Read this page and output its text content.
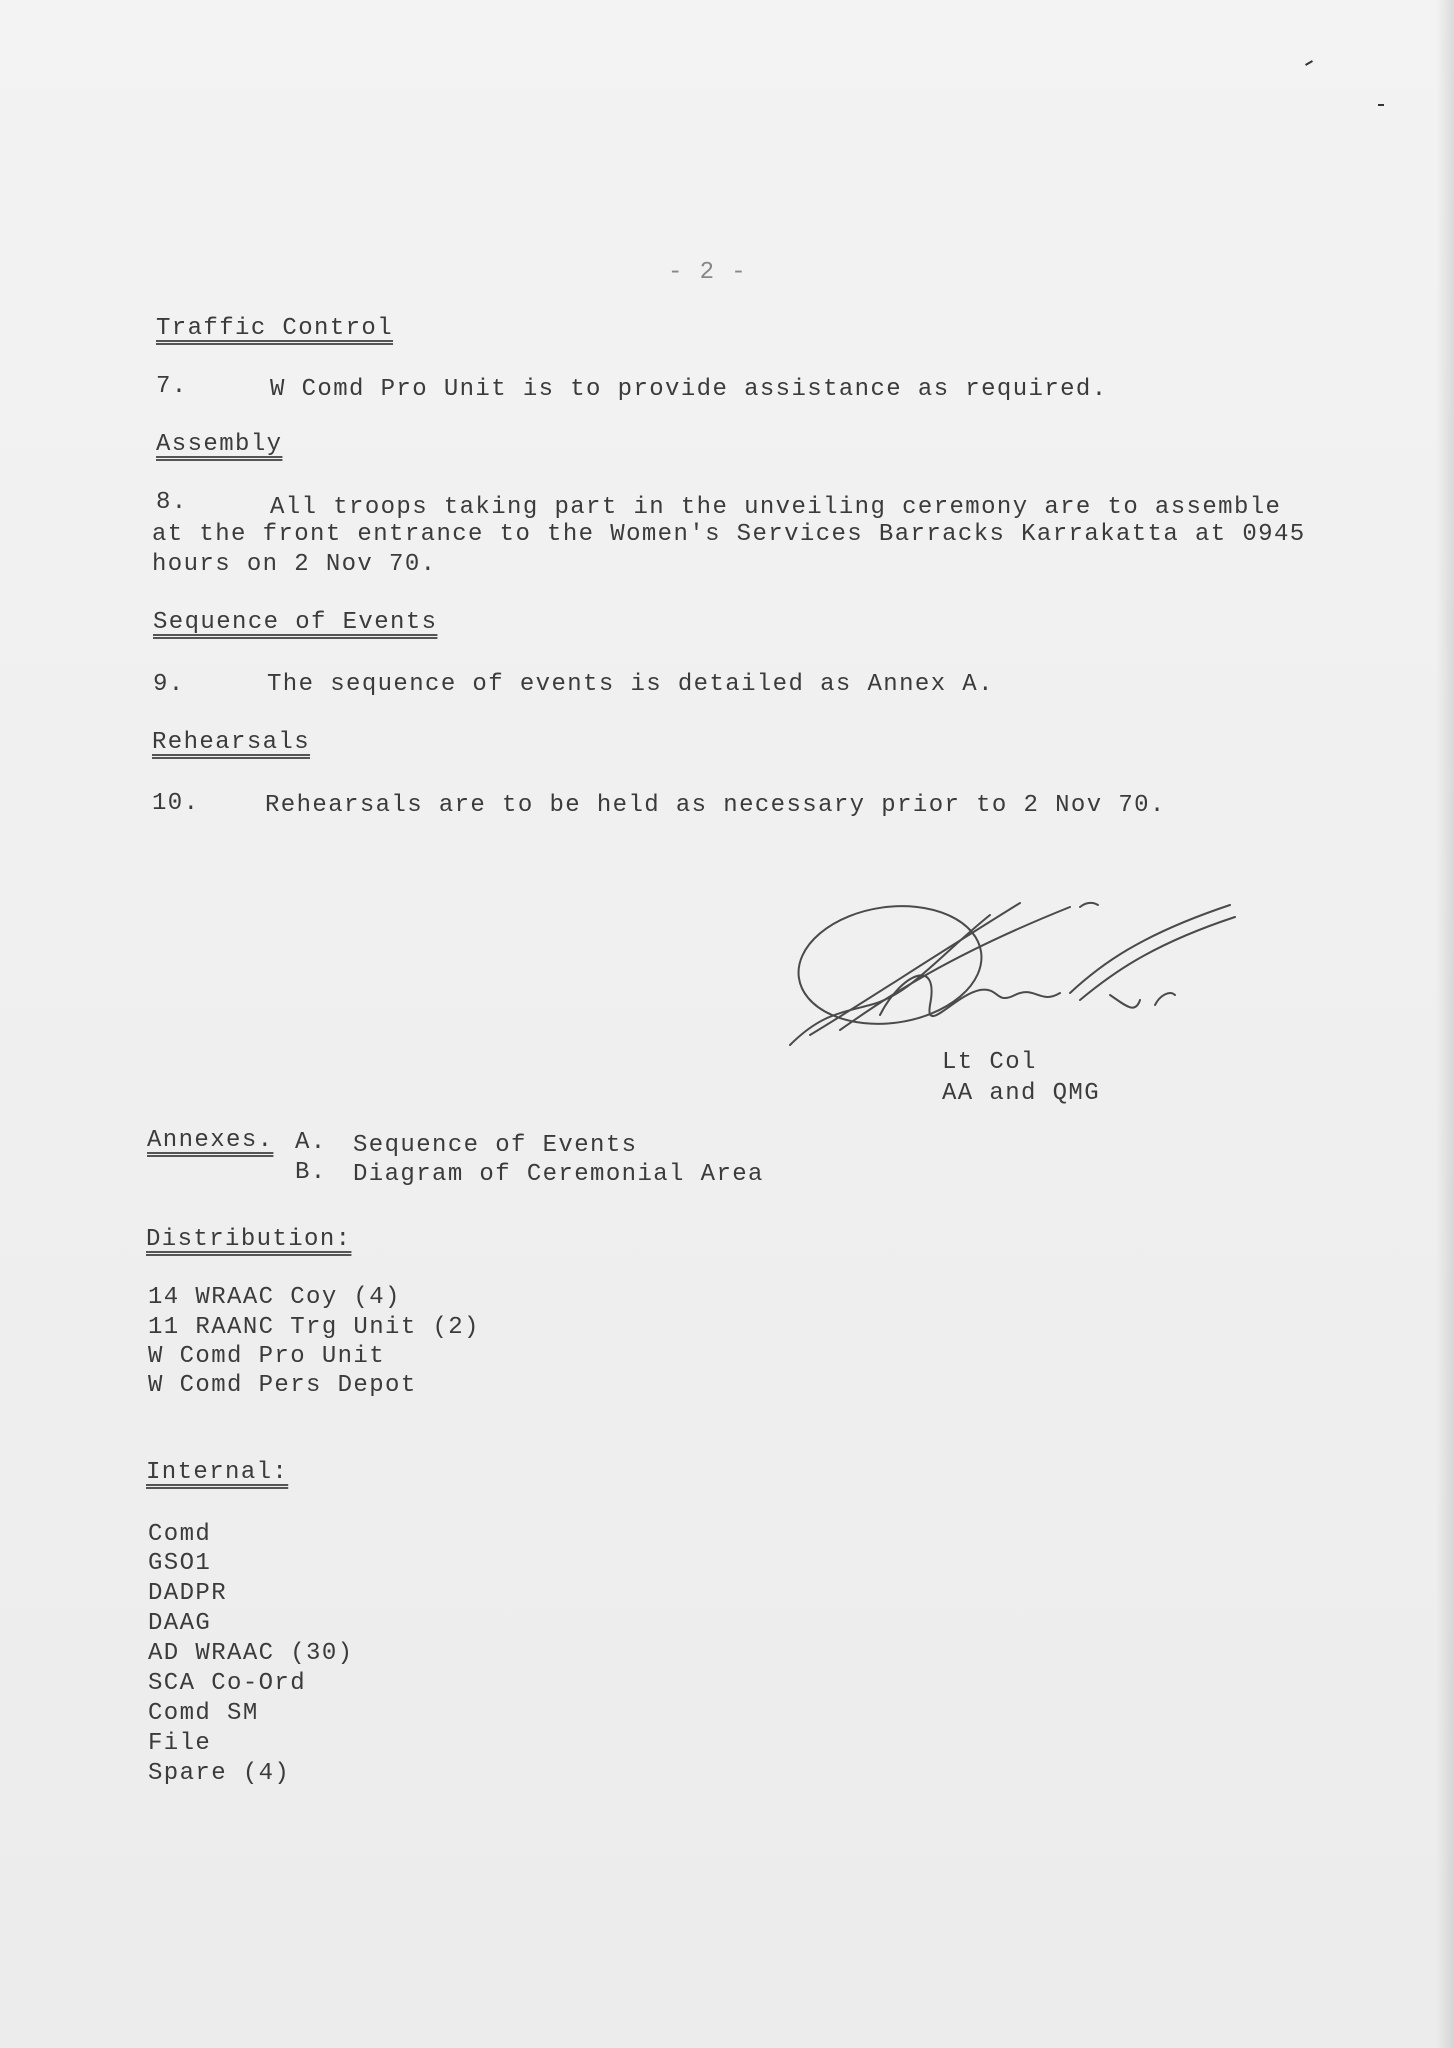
- 2 -
Traffic Control
7.	W Comd Pro Unit is to provide assistance as required.
Assembly
8.	All troops taking part in the unveiling ceremony are to assemble
at the front entrance to the Women's Services Barracks Karrakatta at 0945
hours on 2 Nov 70.
Sequence of Events
9.	The sequence of events is detailed as Annex A.
Rehearsals
10.	Rehearsals are to be held as necessary prior to 2 Nov 70.
Smith
Lt Col
AA and QMG
Annexes. A. Sequence of Events
B. Diagram of Ceremonial Area
Distribution:
14 WRAAC Coy (4)
11 RAANC Trg Unit (2)
W Comd Pro Unit
W Comd Pers Depot
Internal:
Comd
GSO1
DADPR
DAAG
AD WRAAC (30)
SCA Co-Ord
Comd SM
File
Spare (4)
